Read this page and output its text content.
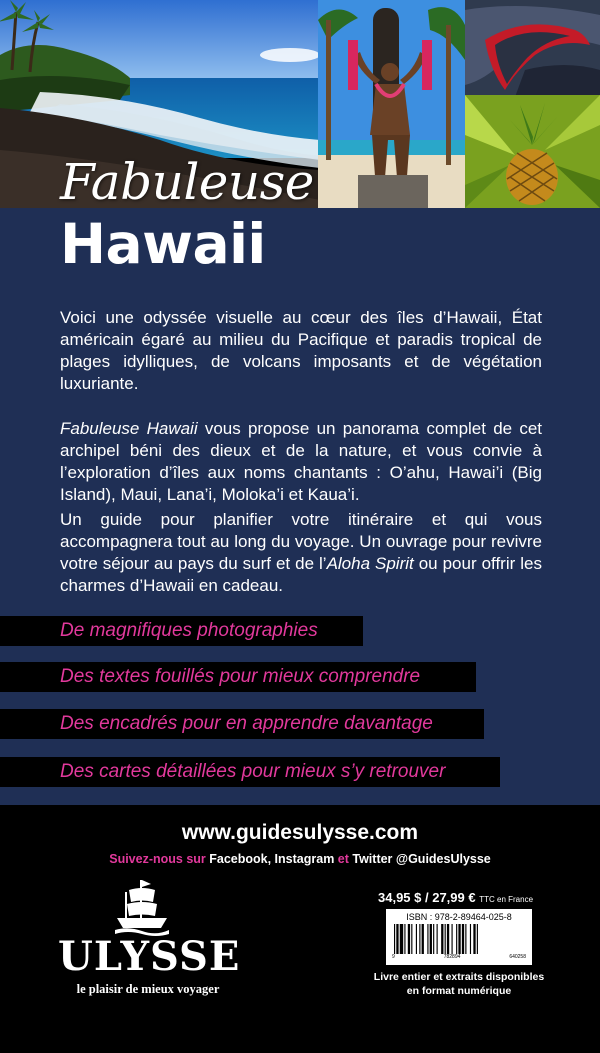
Fabuleuse
Hawaii

Voici une odyssée visuelle au cœur des îles d’Hawaii, État américain égaré au milieu du Pacifique et paradis tropical de plages idylliques, de volcans imposants et de végétation luxuriante.

Fabuleuse Hawaii vous propose un panorama complet de cet archipel béni des dieux et de la nature, et vous convie à l’exploration d’îles aux noms chantants : O’ahu, Hawai’i (Big Island), Maui, Lana’i, Moloka’i et Kaua’i.

Un guide pour planifier votre itinéraire et qui vous accompagnera tout au long du voyage. Un ouvrage pour revivre votre séjour au pays du surf et de l’Aloha Spirit ou pour offrir les charmes d’Hawaii en cadeau.

De magnifiques photographies
Des textes fouillés pour mieux comprendre
Des encadrés pour en apprendre davantage
Des cartes détaillées pour mieux s’y retrouver
www.guidesulysse.com
Suivez-nous sur Facebook, Instagram et Twitter @GuidesUlysse
ULYSSE
le plaisir de mieux voyager
34,95 $ / 27,99 € TTC en France
ISBN : 978-2-89464-025-8
9	782894	640258
Livre entier et extraits disponibles
en format numérique
